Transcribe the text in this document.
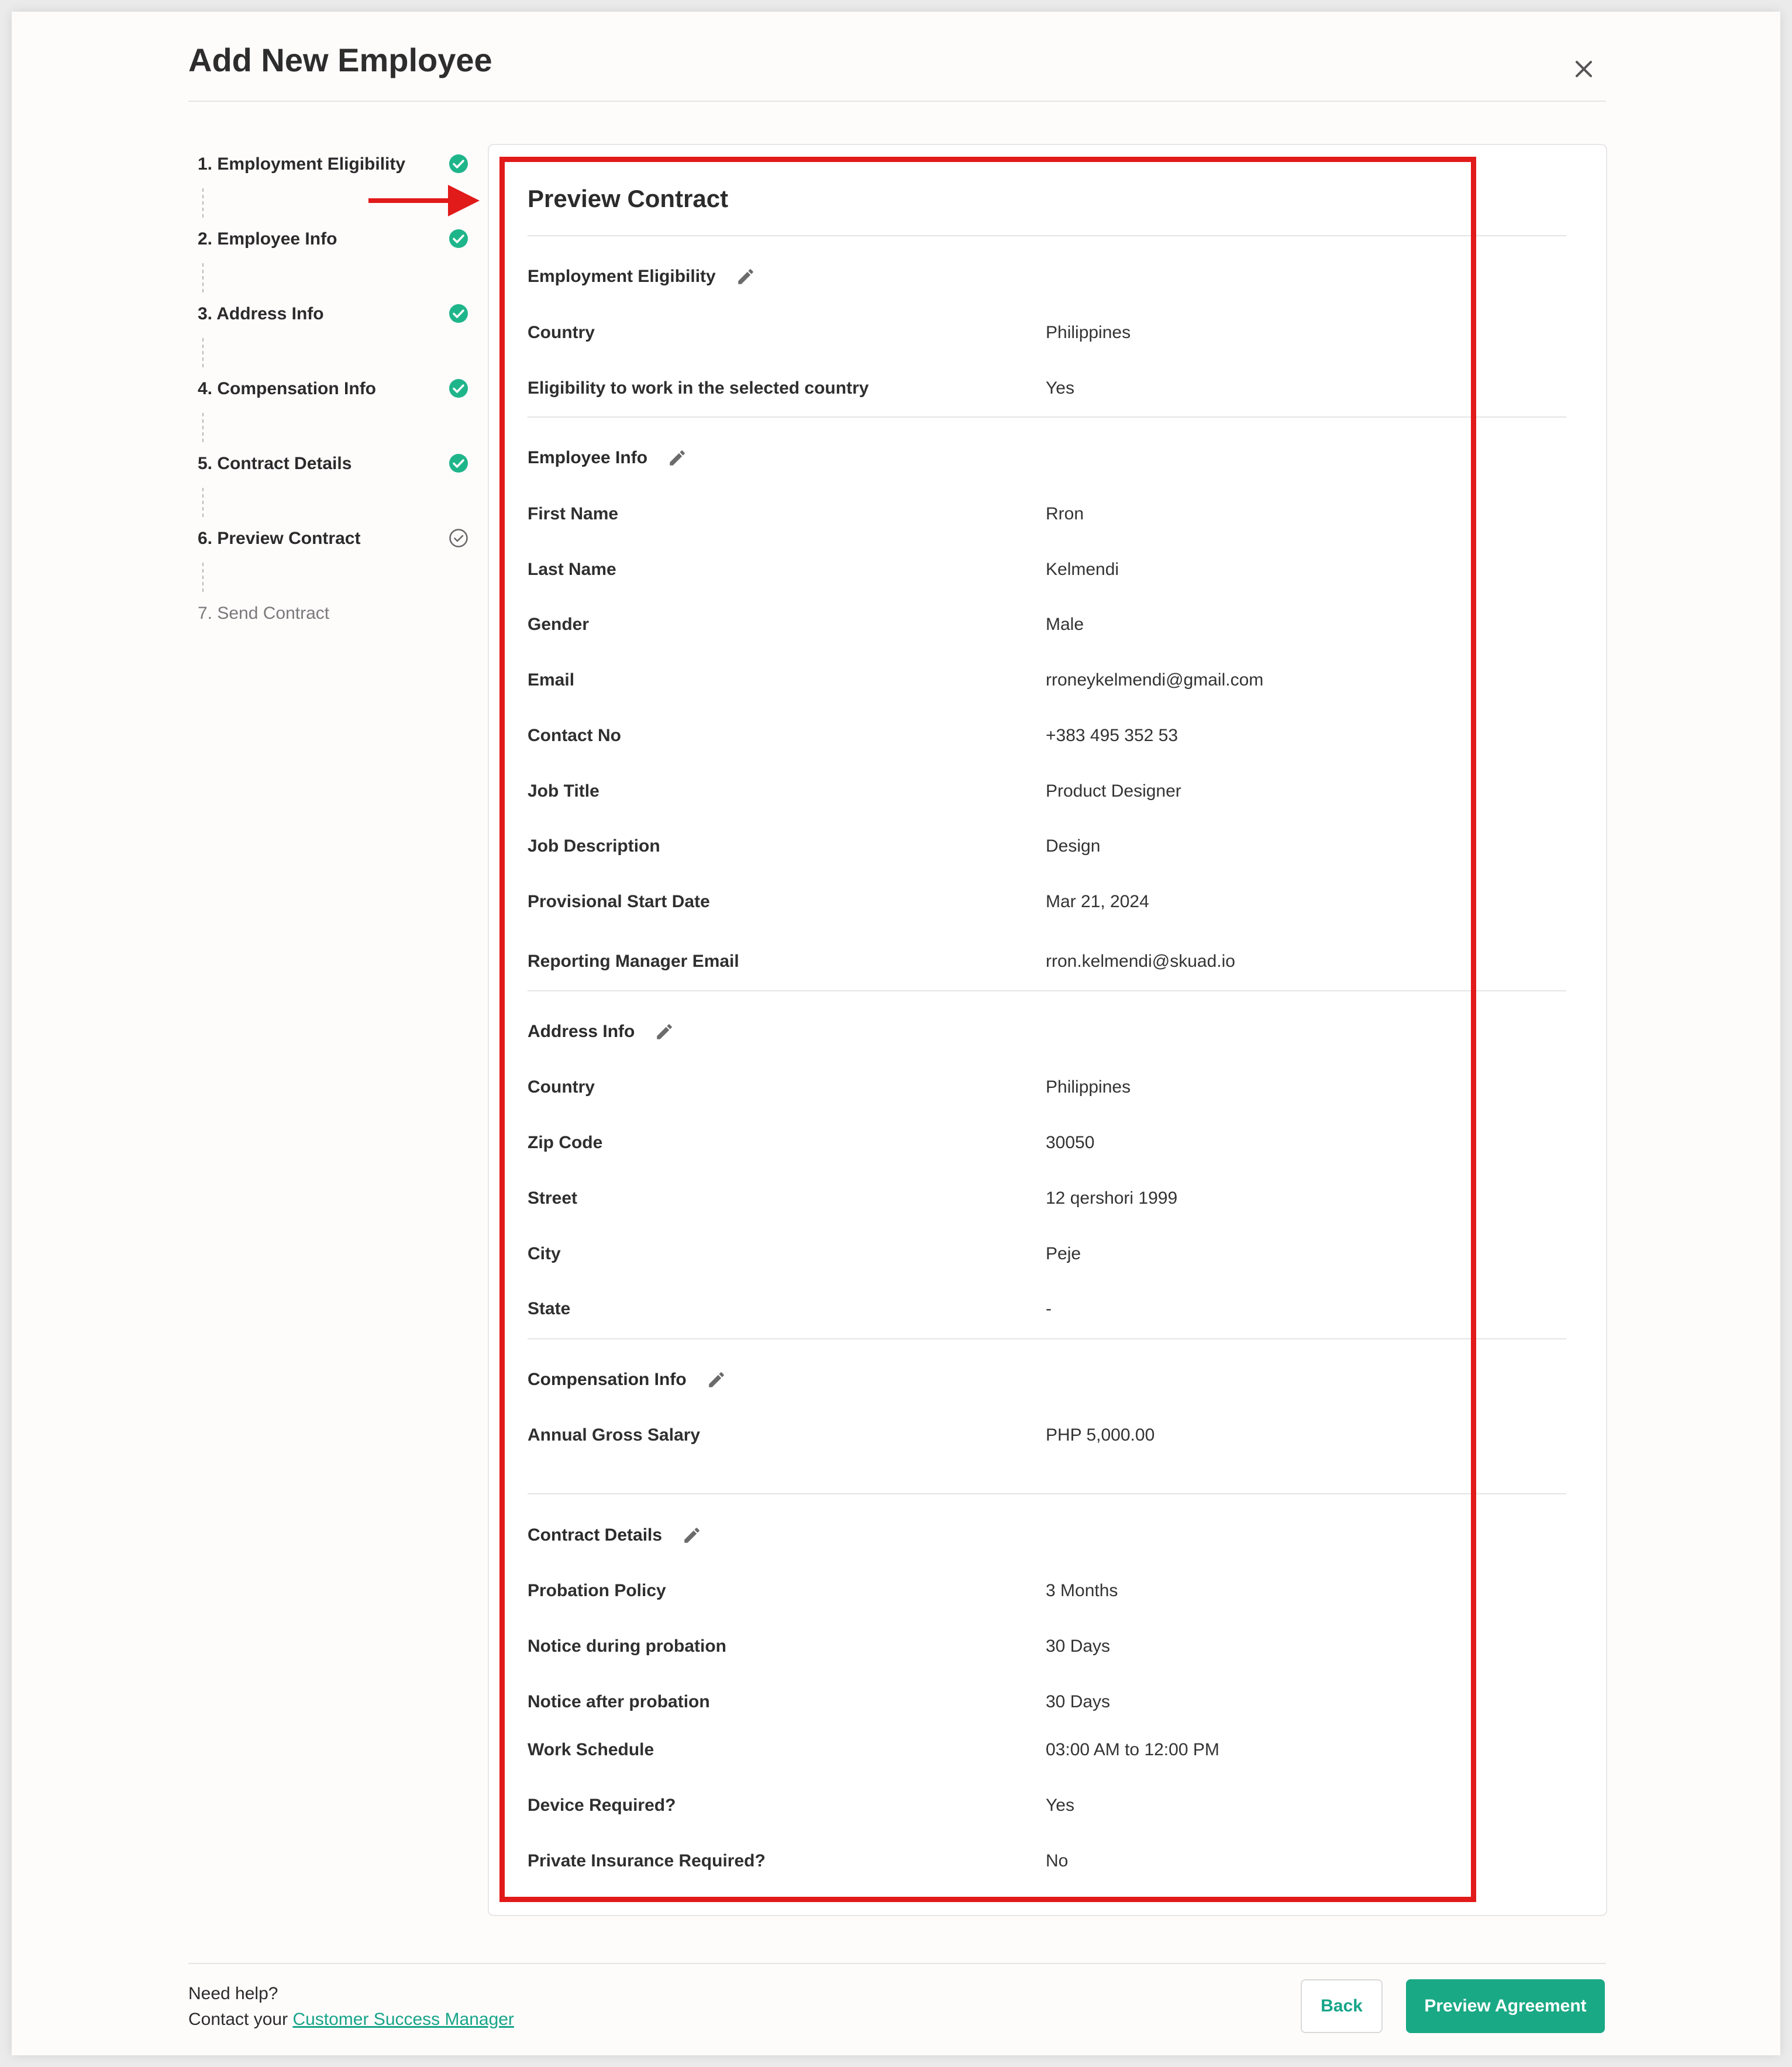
Add New Employee
1. Employment Eligibility
2. Employee Info
3. Address Info
4. Compensation Info
5. Contract Details
6. Preview Contract
7. Send Contract
Preview Contract
Employment Eligibility
Country	Philippines
Eligibility to work in the selected country	Yes
Employee Info
First Name	Rron
Last Name	Kelmendi
Gender	Male
Email	rroneykelmendi@gmail.com
Contact No	+383 495 352 53
Job Title	Product Designer
Job Description	Design
Provisional Start Date	Mar 21, 2024
Reporting Manager Email	rron.kelmendi@skuad.io
Address Info
Country	Philippines
Zip Code	30050
Street	12 qershori 1999
City	Peje
State	-
Compensation Info
Annual Gross Salary	PHP 5,000.00
Contract Details
Probation Policy	3 Months
Notice during probation	30 Days
Notice after probation	30 Days
Work Schedule	03:00 AM to 12:00 PM
Device Required?	Yes
Private Insurance Required?	No
Need help?
Contact your Customer Success Manager
Back	Preview Agreement
